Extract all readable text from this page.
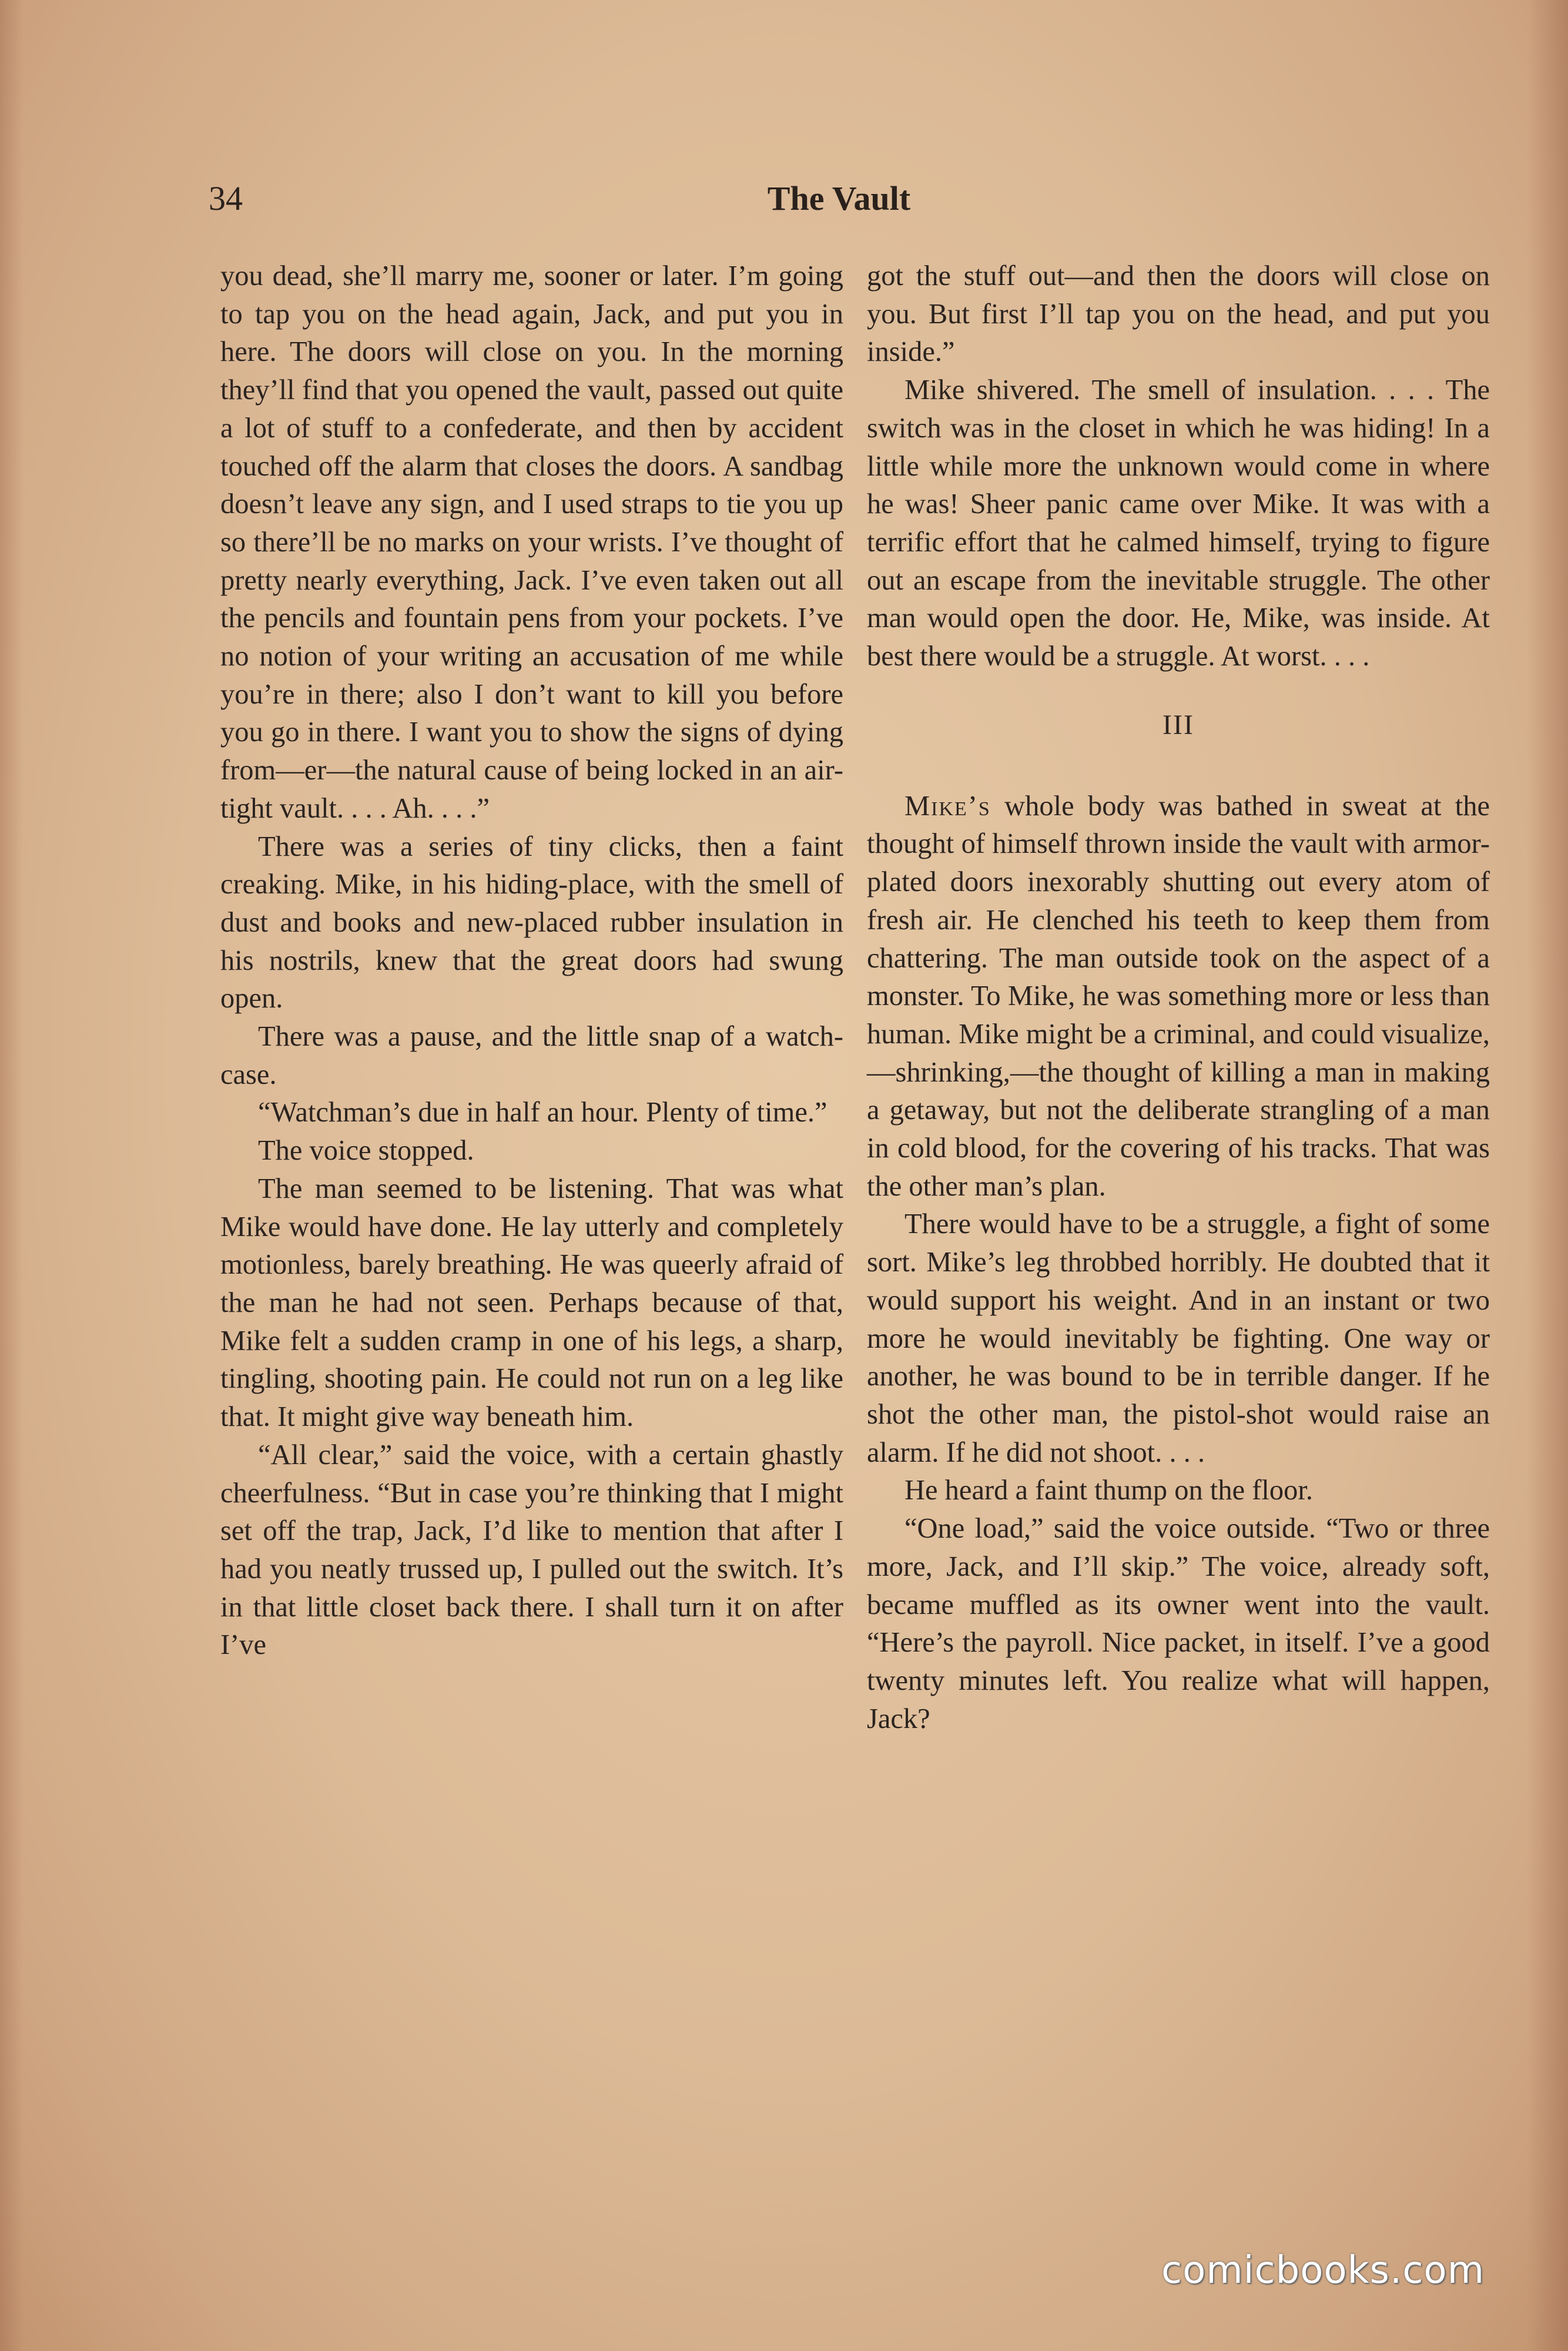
34	The Vault

you dead, she’ll marry me, sooner or later. I’m going to tap you on the head again, Jack, and put you in here. The doors will close on you. In the morning they’ll find that you opened the vault, passed out quite a lot of stuff to a confederate, and then by accident touched off the alarm that closes the doors. A sandbag doesn’t leave any sign, and I used straps to tie you up so there’ll be no marks on your wrists. I’ve thought of pretty nearly everything, Jack. I’ve even taken out all the pencils and fountain pens from your pockets. I’ve no notion of your writing an accusation of me while you’re in there; also I don’t want to kill you before you go in there. I want you to show the signs of dying from—er—the natural cause of being locked in an air-tight vault. . . . Ah. . . .”

There was a series of tiny clicks, then a faint creaking. Mike, in his hiding-place, with the smell of dust and books and new-placed rubber insulation in his nostrils, knew that the great doors had swung open.

There was a pause, and the little snap of a watch-case.

“Watchman’s due in half an hour. Plenty of time.”

The voice stopped.

The man seemed to be listening. That was what Mike would have done. He lay utterly and completely motionless, barely breathing. He was queerly afraid of the man he had not seen. Perhaps because of that, Mike felt a sudden cramp in one of his legs, a sharp, tingling, shooting pain. He could not run on a leg like that. It might give way beneath him.

“All clear,” said the voice, with a certain ghastly cheerfulness. “But in case you’re thinking that I might set off the trap, Jack, I’d like to mention that after I had you neatly trussed up, I pulled out the switch. It’s in that little closet back there. I shall turn it on after I’ve

got the stuff out—and then the doors will close on you. But first I’ll tap you on the head, and put you inside.”

Mike shivered. The smell of insulation. . . . The switch was in the closet in which he was hiding! In a little while more the unknown would come in where he was! Sheer panic came over Mike. It was with a terrific effort that he calmed himself, trying to figure out an escape from the inevitable struggle. The other man would open the door. He, Mike, was inside. At best there would be a struggle. At worst. . . .

III

Mike’s whole body was bathed in sweat at the thought of himself thrown inside the vault with armor-plated doors inexorably shutting out every atom of fresh air. He clenched his teeth to keep them from chattering. The man outside took on the aspect of a monster. To Mike, he was something more or less than human. Mike might be a criminal, and could visualize,—shrinking,—the thought of killing a man in making a getaway, but not the deliberate strangling of a man in cold blood, for the covering of his tracks. That was the other man’s plan.

There would have to be a struggle, a fight of some sort. Mike’s leg throbbed horribly. He doubted that it would support his weight. And in an instant or two more he would inevitably be fighting. One way or another, he was bound to be in terrible danger. If he shot the other man, the pistol-shot would raise an alarm. If he did not shoot. . . .

He heard a faint thump on the floor.

“One load,” said the voice outside. “Two or three more, Jack, and I’ll skip.” The voice, already soft, became muffled as its owner went into the vault. “Here’s the payroll. Nice packet, in itself. I’ve a good twenty minutes left. You realize what will happen, Jack?

comicbooks.com
